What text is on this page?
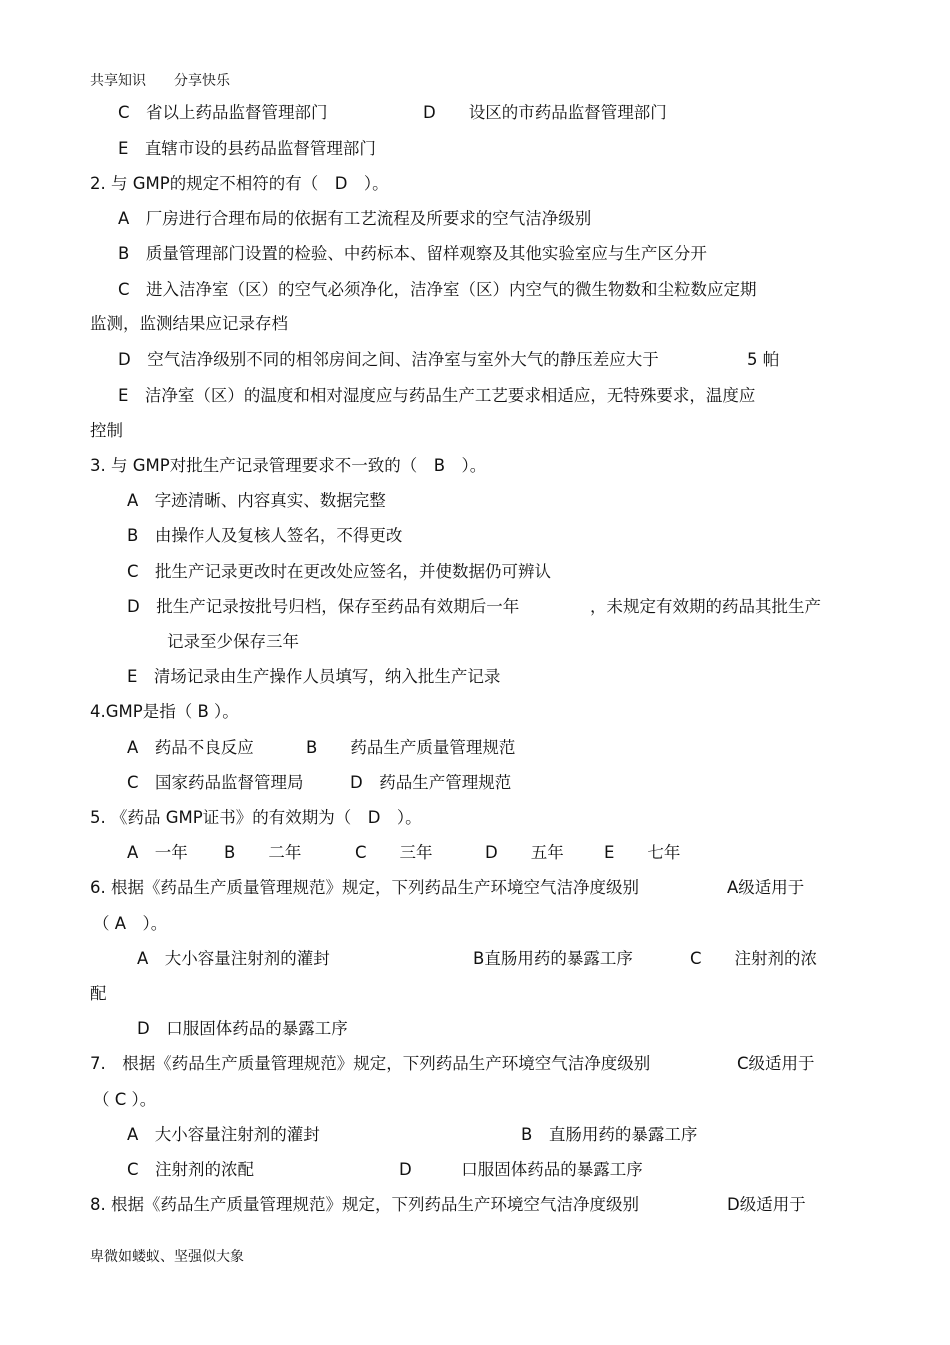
共享知识　　分享快乐
C　省以上药品监督管理部门	D　　设区的市药品监督管理部门
E　直辖市设的县药品监督管理部门
2. 与 GMP的规定不相符的有（　D　）。
A　厂房进行合理布局的依据有工艺流程及所要求的空气洁净级别
B　质量管理部门设置的检验、中药标本、留样观察及其他实验室应与生产区分开
C　进入洁净室（区）的空气必须净化，洁净室（区）内空气的微生物数和尘粒数应定期
监测，监测结果应记录存档
D　空气洁净级别不同的相邻房间之间、洁净室与室外大气的静压差应大于	5 帕
E　洁净室（区）的温度和相对湿度应与药品生产工艺要求相适应，无特殊要求，温度应
控制
3. 与 GMP对批生产记录管理要求不一致的（　B　）。
A　字迹清晰、内容真实、数据完整
B　由操作人及复核人签名，不得更改
C　批生产记录更改时在更改处应签名，并使数据仍可辨认
D　批生产记录按批号归档，保存至药品有效期后一年	，未规定有效期的药品其批生产
记录至少保存三年
E　清场记录由生产操作人员填写，纳入批生产记录
4.GMP是指（ B ）。
A　药品不良反应	B　　药品生产质量管理规范
C　国家药品监督管理局	D　药品生产管理规范
5. 《药品 GMP证书》的有效期为（　D　）。
A　一年 B　　二年	C　　三年	D　　五年 E　　七年
6. 根据《药品生产质量管理规范》规定，下列药品生产环境空气洁净度级别	A级适用于
（ A　）。
A　大小容量注射剂的灌封	B直肠用药的暴露工序	C　　注射剂的浓
配
D　口服固体药品的暴露工序
7.　根据《药品生产质量管理规范》规定，下列药品生产环境空气洁净度级别	C级适用于
（ C ）。
A　大小容量注射剂的灌封	B　直肠用药的暴露工序
C　注射剂的浓配	D　　　口服固体药品的暴露工序
8. 根据《药品生产质量管理规范》规定，下列药品生产环境空气洁净度级别	D级适用于
卑微如蝼蚁、坚强似大象
